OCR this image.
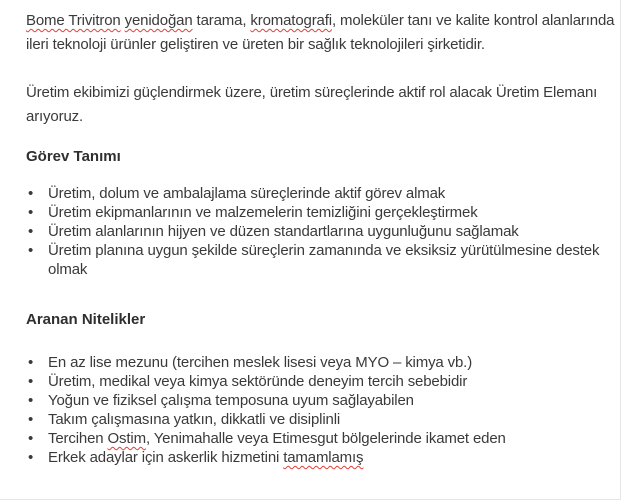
Bome Trivitron yenidoğan tarama, kromatografi, moleküler tanı ve kalite kontrol alanlarında ileri teknoloji ürünler geliştiren ve üreten bir sağlık teknolojileri şirketidir.

Üretim ekibimizi güçlendirmek üzere, üretim süreçlerinde aktif rol alacak Üretim Elemanı arıyoruz.

Görev Tanımı
• Üretim, dolum ve ambalajlama süreçlerinde aktif görev almak
• Üretim ekipmanlarının ve malzemelerin temizliğini gerçekleştirmek
• Üretim alanlarının hijyen ve düzen standartlarına uygunluğunu sağlamak
• Üretim planına uygun şekilde süreçlerin zamanında ve eksiksiz yürütülmesine destek olmak
Aranan Nitelikler
• En az lise mezunu (tercihen meslek lisesi veya MYO – kimya vb.)
• Üretim, medikal veya kimya sektöründe deneyim tercih sebebidir
• Yoğun ve fiziksel çalışma temposuna uyum sağlayabilen
• Takım çalışmasına yatkın, dikkatli ve disiplinli
• Tercihen Ostim, Yenimahalle veya Etimesgut bölgelerinde ikamet eden
• Erkek adaylar için askerlik hizmetini tamamlamış
